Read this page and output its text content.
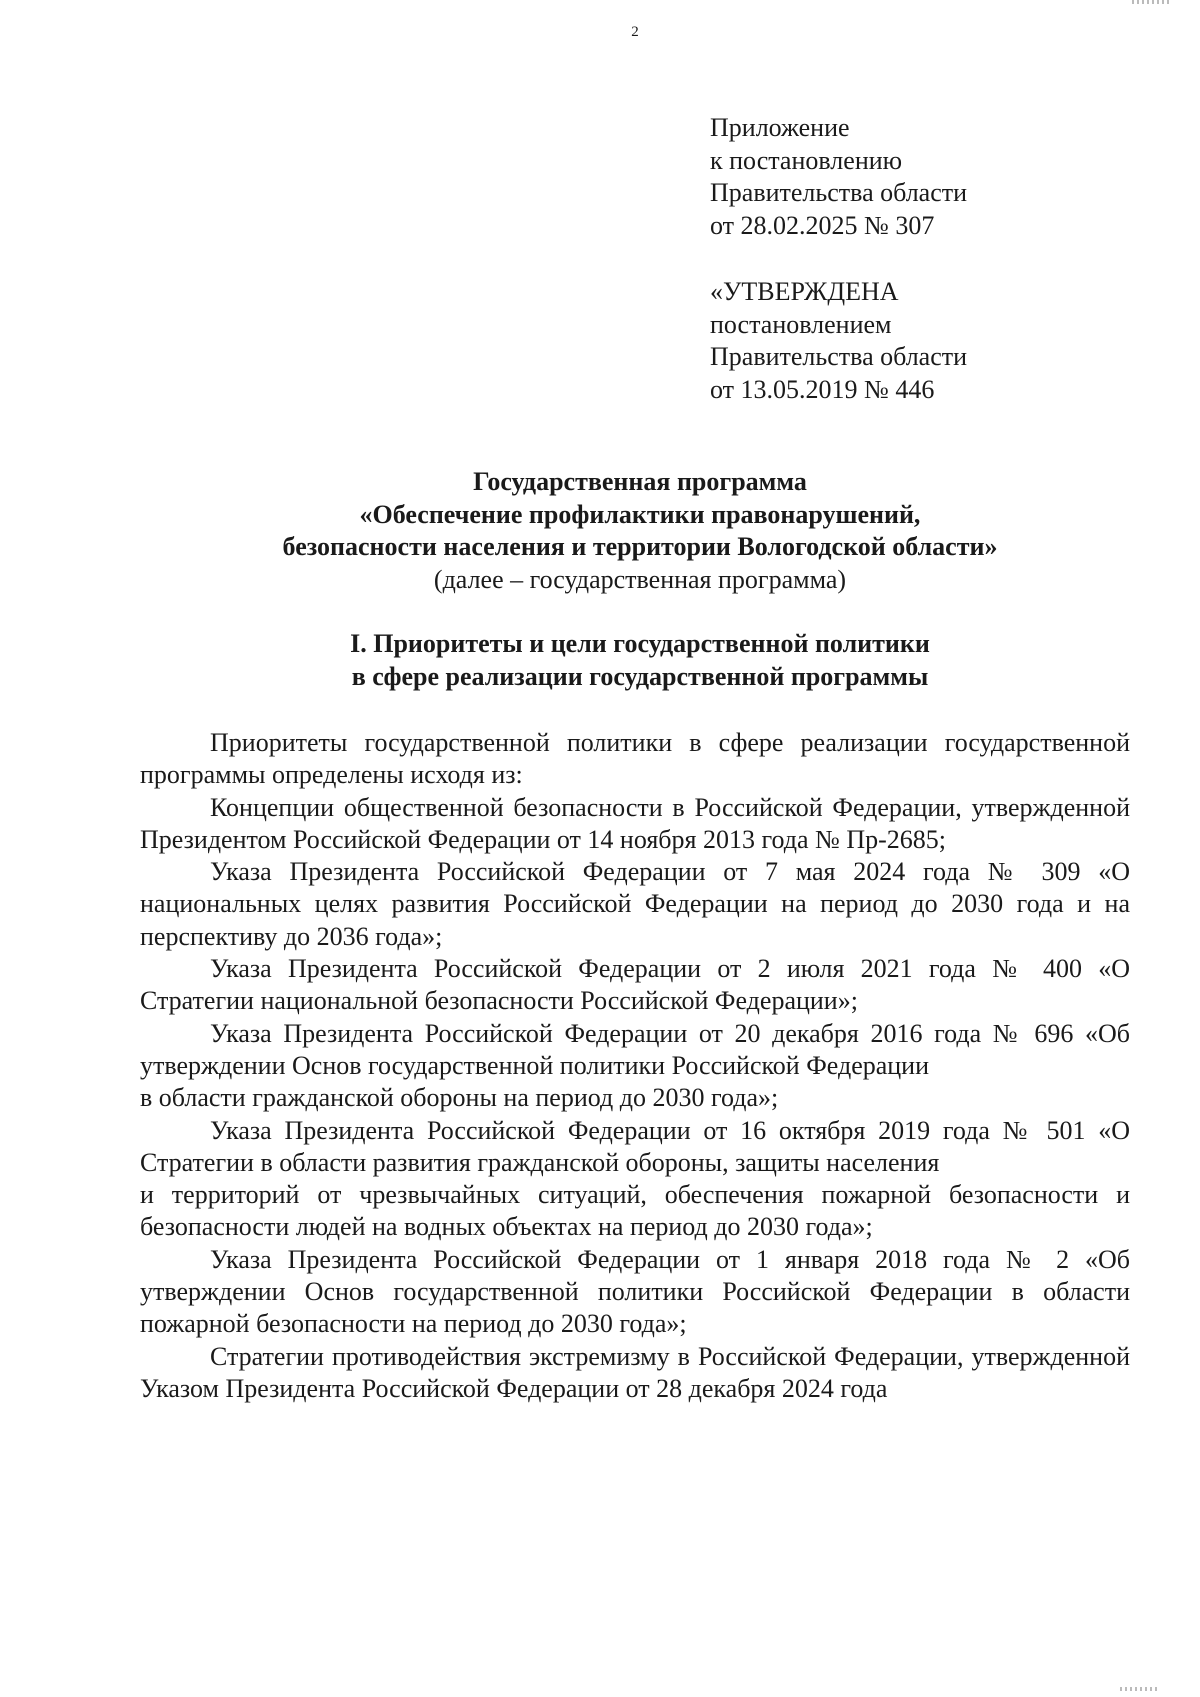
2
Приложение
к постановлению
Правительства области
от 28.02.2025 № 307
«УТВЕРЖДЕНА
постановлением
Правительства области
от 13.05.2019 № 446
Государственная программа
«Обеспечение профилактики правонарушений,
безопасности населения и территории Вологодской области»
(далее – государственная программа)
I. Приоритеты и цели государственной политики
в сфере реализации государственной программы

Приоритеты государственной политики в сфере реализации государственной программы определены исходя из:

Концепции общественной безопасности в Российской Федерации, утвержденной Президентом Российской Федерации от 14 ноября 2013 года № Пр-2685;

Указа Президента Российской Федерации от 7 мая 2024 года № 309 «О национальных целях развития Российской Федерации на период до 2030 года и на перспективу до 2036 года»;

Указа Президента Российской Федерации от 2 июля 2021 года № 400 «О Стратегии национальной безопасности Российской Федерации»;

Указа Президента Российской Федерации от 20 декабря 2016 года № 696 «Об утверждении Основ государственной политики Российской Федерации

в области гражданской обороны на период до 2030 года»;

Указа Президента Российской Федерации от 16 октября 2019 года № 501 «О Стратегии в области развития гражданской обороны, защиты населения

и территорий от чрезвычайных ситуаций, обеспечения пожарной безопасности и безопасности людей на водных объектах на период до 2030 года»;

Указа Президента Российской Федерации от 1 января 2018 года № 2 «Об утверждении Основ государственной политики Российской Федерации в области пожарной безопасности на период до 2030 года»;

Стратегии противодействия экстремизму в Российской Федерации, утвержденной Указом Президента Российской Федерации от 28 декабря 2024 года
